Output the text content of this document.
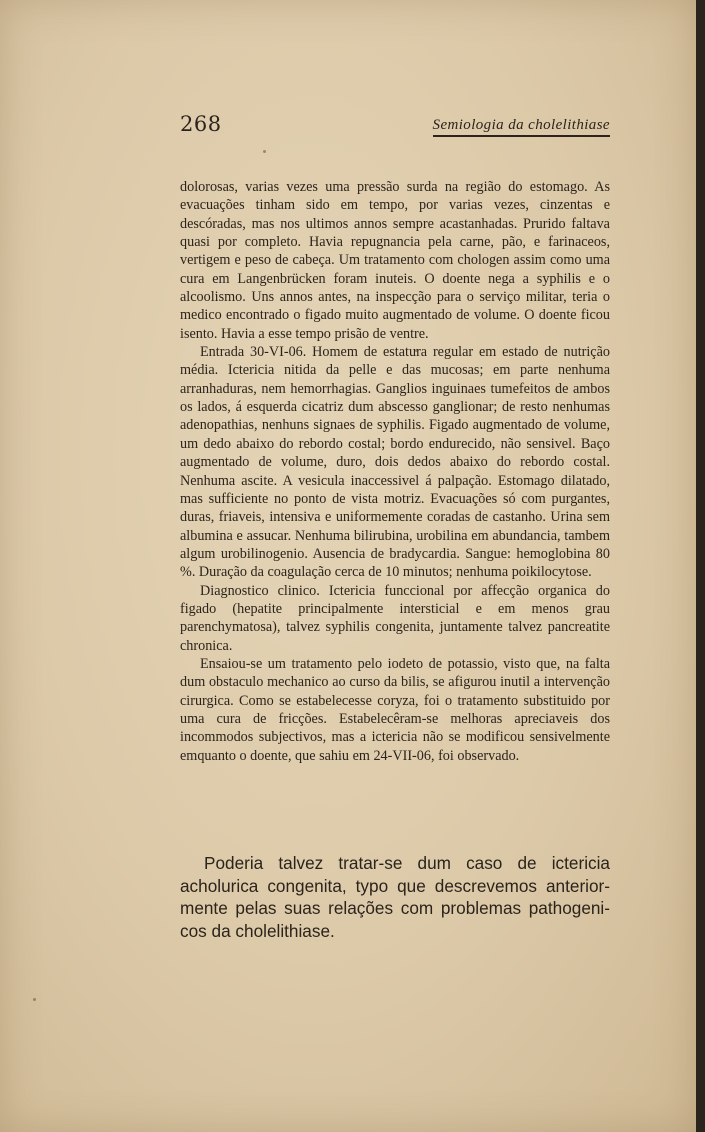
268	Semiologia da cholelithiase

dolorosas, varias vezes uma pressão surda na região do estomago. As evacuações tinham sido em tempo, por varias vezes, cinzentas e descóradas, mas nos ultimos annos sempre acastanhadas. Prurido faltava quasi por completo. Havia repugnancia pela carne, pão, e farinaceos, vertigem e peso de cabeça. Um tratamento com chologen assim como uma cura em Langenbrücken foram inuteis. O doente nega a syphilis e o alcoolismo. Uns annos antes, na inspecção para o serviço militar, teria o medico encontrado o figado muito augmentado de volume. O doente ficou isento. Havia a esse tempo prisão de ventre.

Entrada 30-VI-06. Homem de estatura regular em estado de nutrição média. Ictericia nitida da pelle e das mucosas; em parte nenhuma arranhaduras, nem hemorrhagias. Ganglios inguinaes tumefeitos de ambos os lados, á esquerda cicatriz dum abscesso ganglionar; de resto nenhumas adenopathias, nenhuns signaes de syphilis. Figado augmentado de volume, um dedo abaixo do rebordo costal; bordo endurecido, não sensivel. Baço augmentado de volume, duro, dois dedos abaixo do rebordo costal. Nenhuma ascite. A vesicula inaccessivel á palpação. Estomago dilatado, mas sufficiente no ponto de vista motriz. Evacuações só com purgantes, duras, friaveis, intensiva e uniformemente coradas de castanho. Urina sem albumina e assucar. Nenhuma bilirubina, urobilina em abundancia, tambem algum urobilinogenio. Ausencia de bradycardia. Sangue: hemoglobina 80 %. Duração da coagulação cerca de 10 minutos; nenhuma poikilocytose.

Diagnostico clinico. Ictericia funccional por affecção organica do figado (hepatite principalmente intersticial e em menos grau parenchymatosa), talvez syphilis congenita, juntamente talvez pancreatite chronica.

Ensaiou-se um tratamento pelo iodeto de potassio, visto que, na falta dum obstaculo mechanico ao curso da bilis, se afigurou inutil a intervenção cirurgica. Como se estabelecesse coryza, foi o tratamento substituido por uma cura de fricções. Estabelecêram-se melhoras apreciaveis dos incommodos subjectivos, mas a ictericia não se modificou sensivelmente emquanto o doente, que sahiu em 24-VII-06, foi observado.

Poderia talvez tratar-se dum caso de ictericia acholurica congenita, typo que descrevemos anteriormente pelas suas relações com problemas pathogenicos da cholelithiase.
